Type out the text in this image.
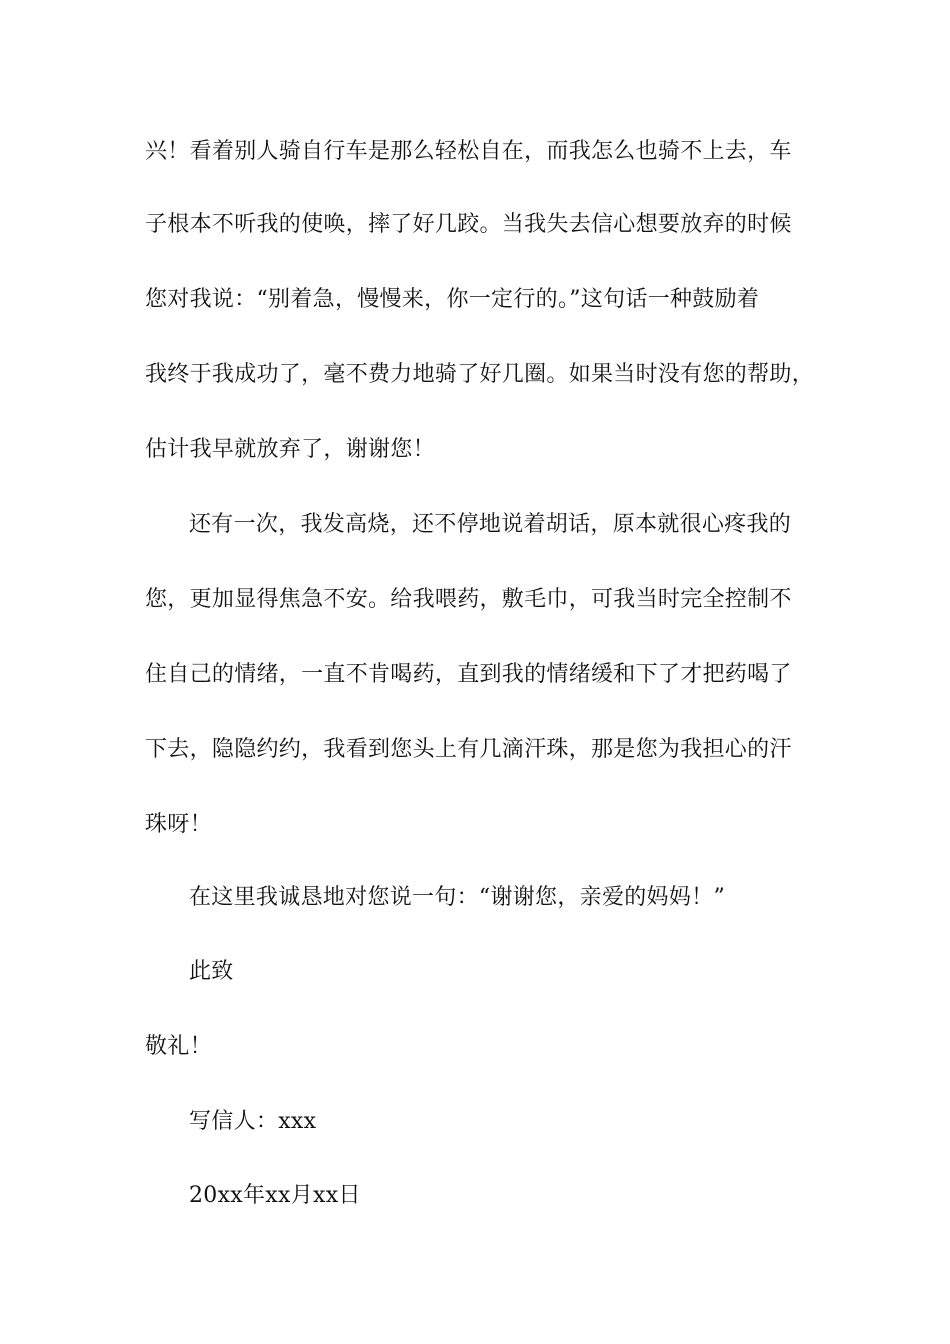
兴！看着别人骑自行车是那么轻松自在，而我怎么也骑不上去，车
子根本不听我的使唤，摔了好几跤。当我失去信心想要放弃的时候
您对我说：“别着急，慢慢来，你一定行的。”这句话一种鼓励着
我终于我成功了，毫不费力地骑了好几圈。如果当时没有您的帮助，
估计我早就放弃了，谢谢您！
还有一次，我发高烧，还不停地说着胡话，原本就很心疼我的
您，更加显得焦急不安。给我喂药，敷毛巾，可我当时完全控制不
住自己的情绪，一直不肯喝药，直到我的情绪缓和下了才把药喝了
下去，隐隐约约，我看到您头上有几滴汗珠，那是您为我担心的汗
珠呀！
在这里我诚恳地对您说一句：“谢谢您，亲爱的妈妈！”
此致
敬礼！
写信人：xxx
20xx年xx月xx日
